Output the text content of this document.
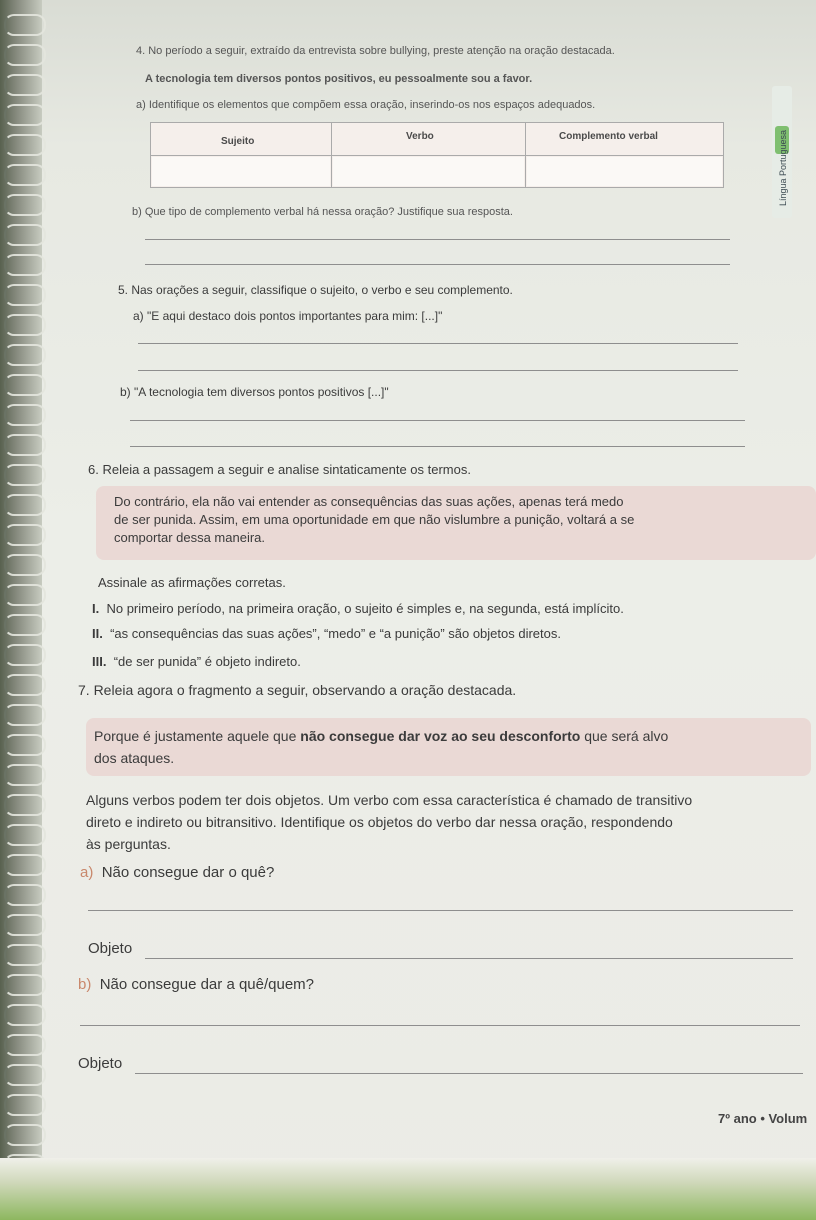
Língua Portuguesa
4. No período a seguir, extraído da entrevista sobre bullying, preste atenção na oração destacada.
A tecnologia tem diversos pontos positivos, eu pessoalmente sou a favor.
a) Identifique os elementos que compõem essa oração, inserindo-os nos espaços adequados.
Sujeito	Verbo	Complemento verbal
b) Que tipo de complemento verbal há nessa oração? Justifique sua resposta.
5. Nas orações a seguir, classifique o sujeito, o verbo e seu complemento.
a) "E aqui destaco dois pontos importantes para mim: [...]"
b) "A tecnologia tem diversos pontos positivos [...]"
6. Releia a passagem a seguir e analise sintaticamente os termos.
Do contrário, ela não vai entender as consequências das suas ações, apenas terá medo
de ser punida. Assim, em uma oportunidade em que não vislumbre a punição, voltará a se
comportar dessa maneira.
Assinale as afirmações corretas.
I. No primeiro período, na primeira oração, o sujeito é simples e, na segunda, está implícito.
II. “as consequências das suas ações”, “medo” e “a punição” são objetos diretos.
III. “de ser punida” é objeto indireto.
7. Releia agora o fragmento a seguir, observando a oração destacada.
Porque é justamente aquele que não consegue dar voz ao seu desconforto que será alvo
dos ataques.
Alguns verbos podem ter dois objetos. Um verbo com essa característica é chamado de transitivo
direto e indireto ou bitransitivo. Identifique os objetos do verbo dar nessa oração, respondendo
às perguntas.
a) Não consegue dar o quê?
Objeto
b) Não consegue dar a quê/quem?
Objeto
7º ano • Volum
